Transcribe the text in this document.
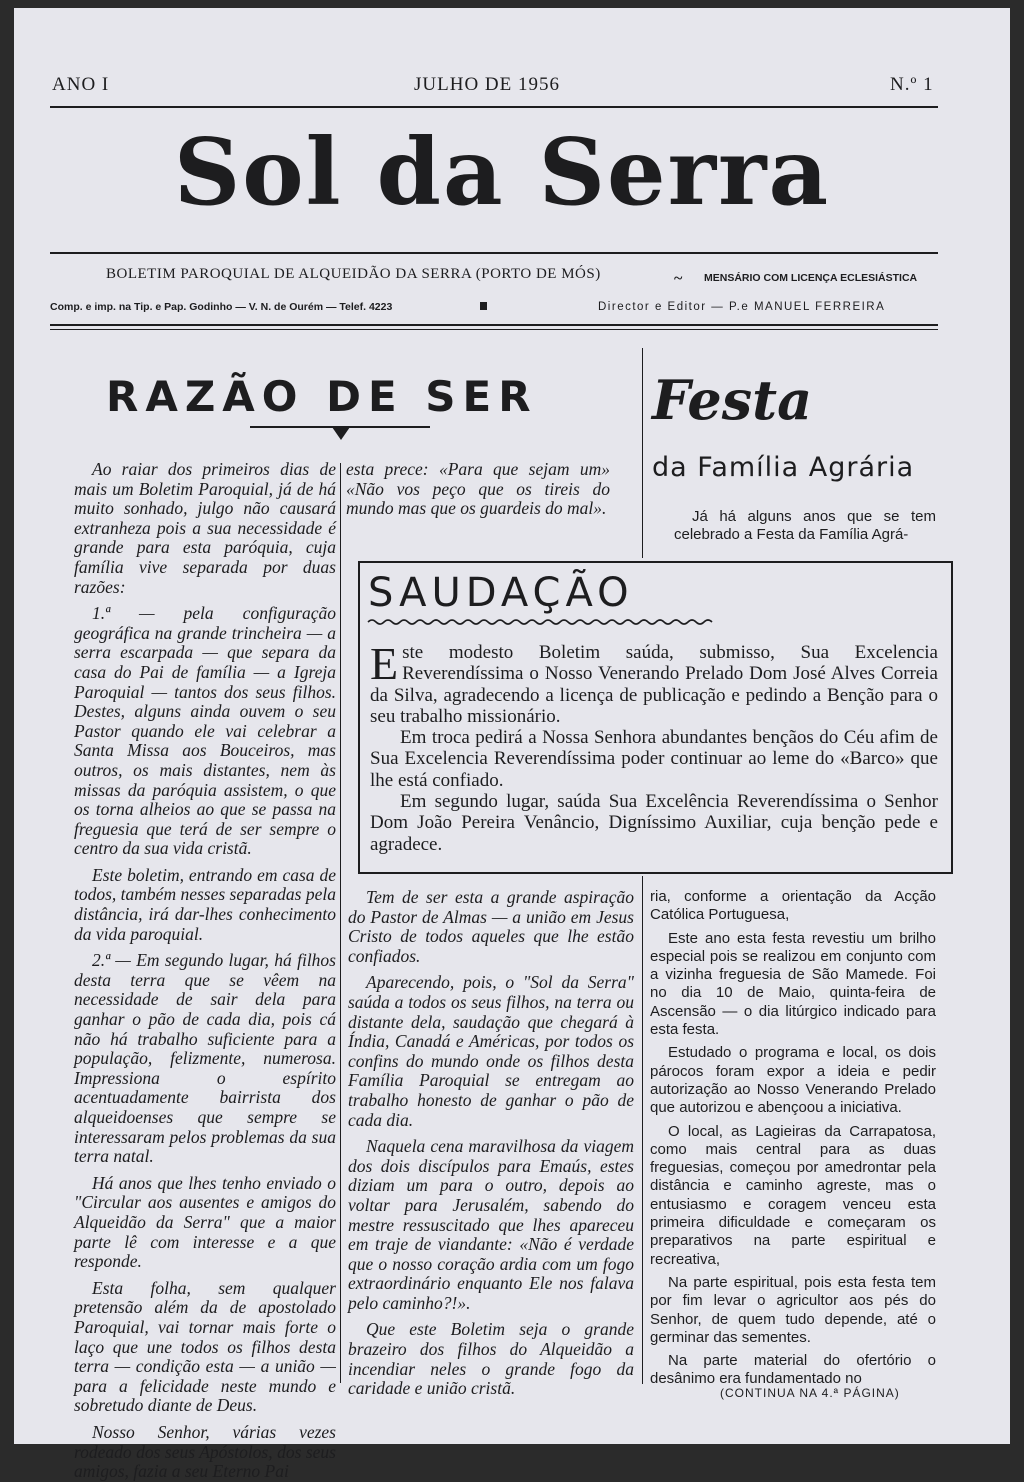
ANO I	JULHO DE 1956	N.º 1
Sol da Serra
BOLETIM PAROQUIAL DE ALQUEIDÃO DA SERRA (PORTO DE MÓS)	~ MENSÁRIO COM LICENÇA ECLESIÁSTICA
Comp. e imp. na Tip. e Pap. Godinho — V. N. de Ourém — Telef. 4223	Director e Editor — P.e MANUEL FERREIRA
RAZÃO DE SER

Ao raiar dos primeiros dias de mais um Boletim Paroquial, já de há muito sonhado, julgo não causará extranheza pois a sua necessidade é grande para esta paróquia, cuja família vive separada por duas razões:

1.ª — pela configuração geográfica na grande trincheira — a serra escarpada — que separa da casa do Pai de família — a Igreja Paroquial — tantos dos seus filhos. Destes, alguns ainda ouvem o seu Pastor quando ele vai celebrar a Santa Missa aos Bouceiros, mas outros, os mais distantes, nem às missas da paróquia assistem, o que os torna alheios ao que se passa na freguesia que terá de ser sempre o centro da sua vida cristã.

Este boletim, entrando em casa de todos, também nesses separadas pela distância, irá dar-lhes conhecimento da vida paroquial.

2.ª — Em segundo lugar, há filhos desta terra que se vêem na necessidade de sair dela para ganhar o pão de cada dia, pois cá não há trabalho suficiente para a população, felizmente, numerosa. Impressiona o espírito acentuadamente bairrista dos alqueidoenses que sempre se interessaram pelos problemas da sua terra natal.

Há anos que lhes tenho enviado o "Circular aos ausentes e amigos do Alqueidão da Serra" que a maior parte lê com interesse e a que responde.

Esta folha, sem qualquer pretensão além da de apostolado Paroquial, vai tornar mais forte o laço que une todos os filhos desta terra — condição esta — a união — para a felicidade neste mundo e sobretudo diante de Deus.

Nosso Senhor, várias vezes rodeado dos seus Apóstolos, dos seus amigos, fazia a seu Eterno Pai

esta prece: «Para que sejam um» «Não vos peço que os tireis do mundo mas que os guardeis do mal».

Tem de ser esta a grande aspiração do Pastor de Almas — a união em Jesus Cristo de todos aqueles que lhe estão confiados.

Aparecendo, pois, o "Sol da Serra" saúda a todos os seus filhos, na terra ou distante dela, saudação que chegará à Índia, Canadá e Américas, por todos os confins do mundo onde os filhos desta Família Paroquial se entregam ao trabalho honesto de ganhar o pão de cada dia.

Naquela cena maravilhosa da viagem dos dois discípulos para Emaús, estes diziam um para o outro, depois ao voltar para Jerusalém, sabendo do mestre ressuscitado que lhes apareceu em traje de viandante: «Não é verdade que o nosso coração ardia com um fogo extraordinário enquanto Ele nos falava pelo caminho?!».

Que este Boletim seja o grande brazeiro dos filhos do Alqueidão a incendiar neles o grande fogo da caridade e união cristã.

Festa
da Família Agrária

Já há alguns anos que se tem celebrado a Festa da Família Agrá-

ria, conforme a orientação da Acção Católica Portuguesa,

Este ano esta festa revestiu um brilho especial pois se realizou em conjunto com a vizinha freguesia de São Mamede. Foi no dia 10 de Maio, quinta-feira de Ascensão — o dia litúrgico indicado para esta festa.

Estudado o programa e local, os dois párocos foram expor a ideia e pedir autorização ao Nosso Venerando Prelado que autorizou e abençoou a iniciativa.

O local, as Lagieiras da Carrapatosa, como mais central para as duas freguesias, começou por amedrontar pela distância e caminho agreste, mas o entusiasmo e coragem venceu esta primeira dificuldade e começaram os preparativos na parte espiritual e recreativa,

Na parte espiritual, pois esta festa tem por fim levar o agricultor aos pés do Senhor, de quem tudo depende, até o germinar das sementes.

Na parte material do ofertório o desânimo era fundamentado no

(CONTINUA NA 4.ª PÁGINA)
SAUDAÇÃO

Este modesto Boletim saúda, submisso, Sua Excelencia Reverendíssima o Nosso Venerando Prelado Dom José Alves Correia da Silva, agradecendo a licença de publicação e pedindo a Benção para o seu trabalho missionário.

Em troca pedirá a Nossa Senhora abundantes bençãos do Céu afim de Sua Excelencia Reverendíssima poder continuar ao leme do «Barco» que lhe está confiado.

Em segundo lugar, saúda Sua Excelência Reverendíssima o Senhor Dom João Pereira Venâncio, Digníssimo Auxiliar, cuja benção pede e agradece.
